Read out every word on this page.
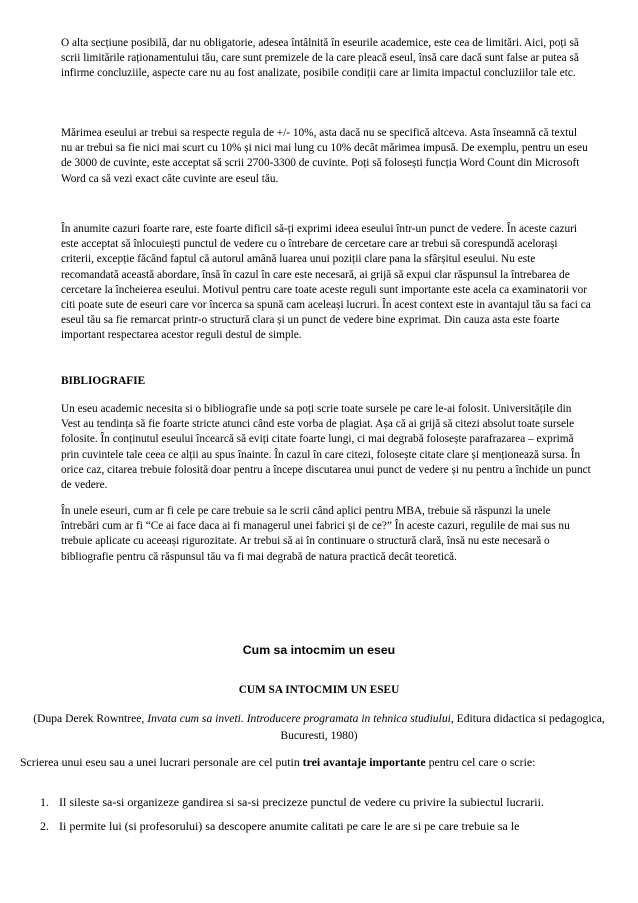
O alta secțiune posibilă, dar nu obligatorie, adesea întâlnită în eseurile academice, este cea de limitări. Aici, poți să scrii limitările raționamentului tău, care sunt premizele de la care pleacă eseul, însă care dacă sunt false ar putea să infirme concluziile, aspecte care nu au fost analizate, posibile condiții care ar limita impactul concluziilor tale etc.

Mărimea eseului ar trebui sa respecte regula de +/- 10%, asta dacă nu se specifică altceva. Asta înseamnă că textul nu ar trebui sa fie nici mai scurt cu 10% și nici mai lung cu 10% decât mărimea impusă. De exemplu, pentru un eseu de 3000 de cuvinte, este acceptat să scrii 2700-3300 de cuvinte. Poți să folosești funcția Word Count din Microsoft Word ca să vezi exact câte cuvinte are eseul tău.

În anumite cazuri foarte rare, este foarte dificil să-ți exprimi ideea eseului într-un punct de vedere. În aceste cazuri este acceptat să înlocuiești punctul de vedere cu o întrebare de cercetare care ar trebui să corespundă acelorași criterii, excepție făcând faptul că autorul amână luarea unui poziții clare pana la sfârșitul eseului. Nu este recomandată această abordare, însă în cazul în care este necesară, ai grijă să expui clar răspunsul la întrebarea de cercetare la încheierea eseului. Motivul pentru care toate aceste reguli sunt importante este acela ca examinatorii vor citi poate sute de eseuri care vor încerca sa spună cam aceleași lucruri. În acest context este in avantajul tău sa faci ca eseul tău sa fie remarcat printr-o structură clara și un punct de vedere bine exprimat. Din cauza asta este foarte important respectarea acestor reguli destul de simple.

BIBLIOGRAFIE

Un eseu academic necesita si o bibliografie unde sa poți scrie toate sursele pe care le-ai folosit. Universitățile din Vest au tendința să fie foarte stricte atunci când este vorba de plagiat. Așa că ai grijă să citezi absolut toate sursele folosite. În conținutul eseului încearcă să eviți citate foarte lungi, ci mai degrabă folosește parafrazarea – exprimă prin cuvintele tale ceea ce alții au spus înainte. În cazul în care citezi, folosește citate clare și menționează sursa. În orice caz, citarea trebuie folosită doar pentru a începe discutarea unui punct de vedere și nu pentru a închide un punct de vedere.

În unele eseuri, cum ar fi cele pe care trebuie sa le scrii când aplici pentru MBA, trebuie să răspunzi la unele întrebări cum ar fi “Ce ai face daca ai fi managerul unei fabrici și de ce?” În aceste cazuri, regulile de mai sus nu trebuie aplicate cu aceeași rigurozitate. Ar trebui să ai în continuare o structură clară, însă nu este necesară o bibliografie pentru că răspunsul tău va fi mai degrabă de natura practică decât teoretică.

Cum sa intocmim un eseu

CUM SA INTOCMIM UN ESEU

(Dupa Derek Rowntree, Invata cum sa inveti. Introducere programata in tehnica studiului, Editura didactica si pedagogica, Bucuresti, 1980)

Scrierea unui eseu sau a unei lucrari personale are cel putin trei avantaje importante pentru cel care o scrie:

1. Il sileste sa-si organizeze gandirea si sa-si precizeze punctul de vedere cu privire la subiectul lucrarii.
2. Ii permite lui (si profesorului) sa descopere anumite calitati pe care le are si pe care trebuie sa le
